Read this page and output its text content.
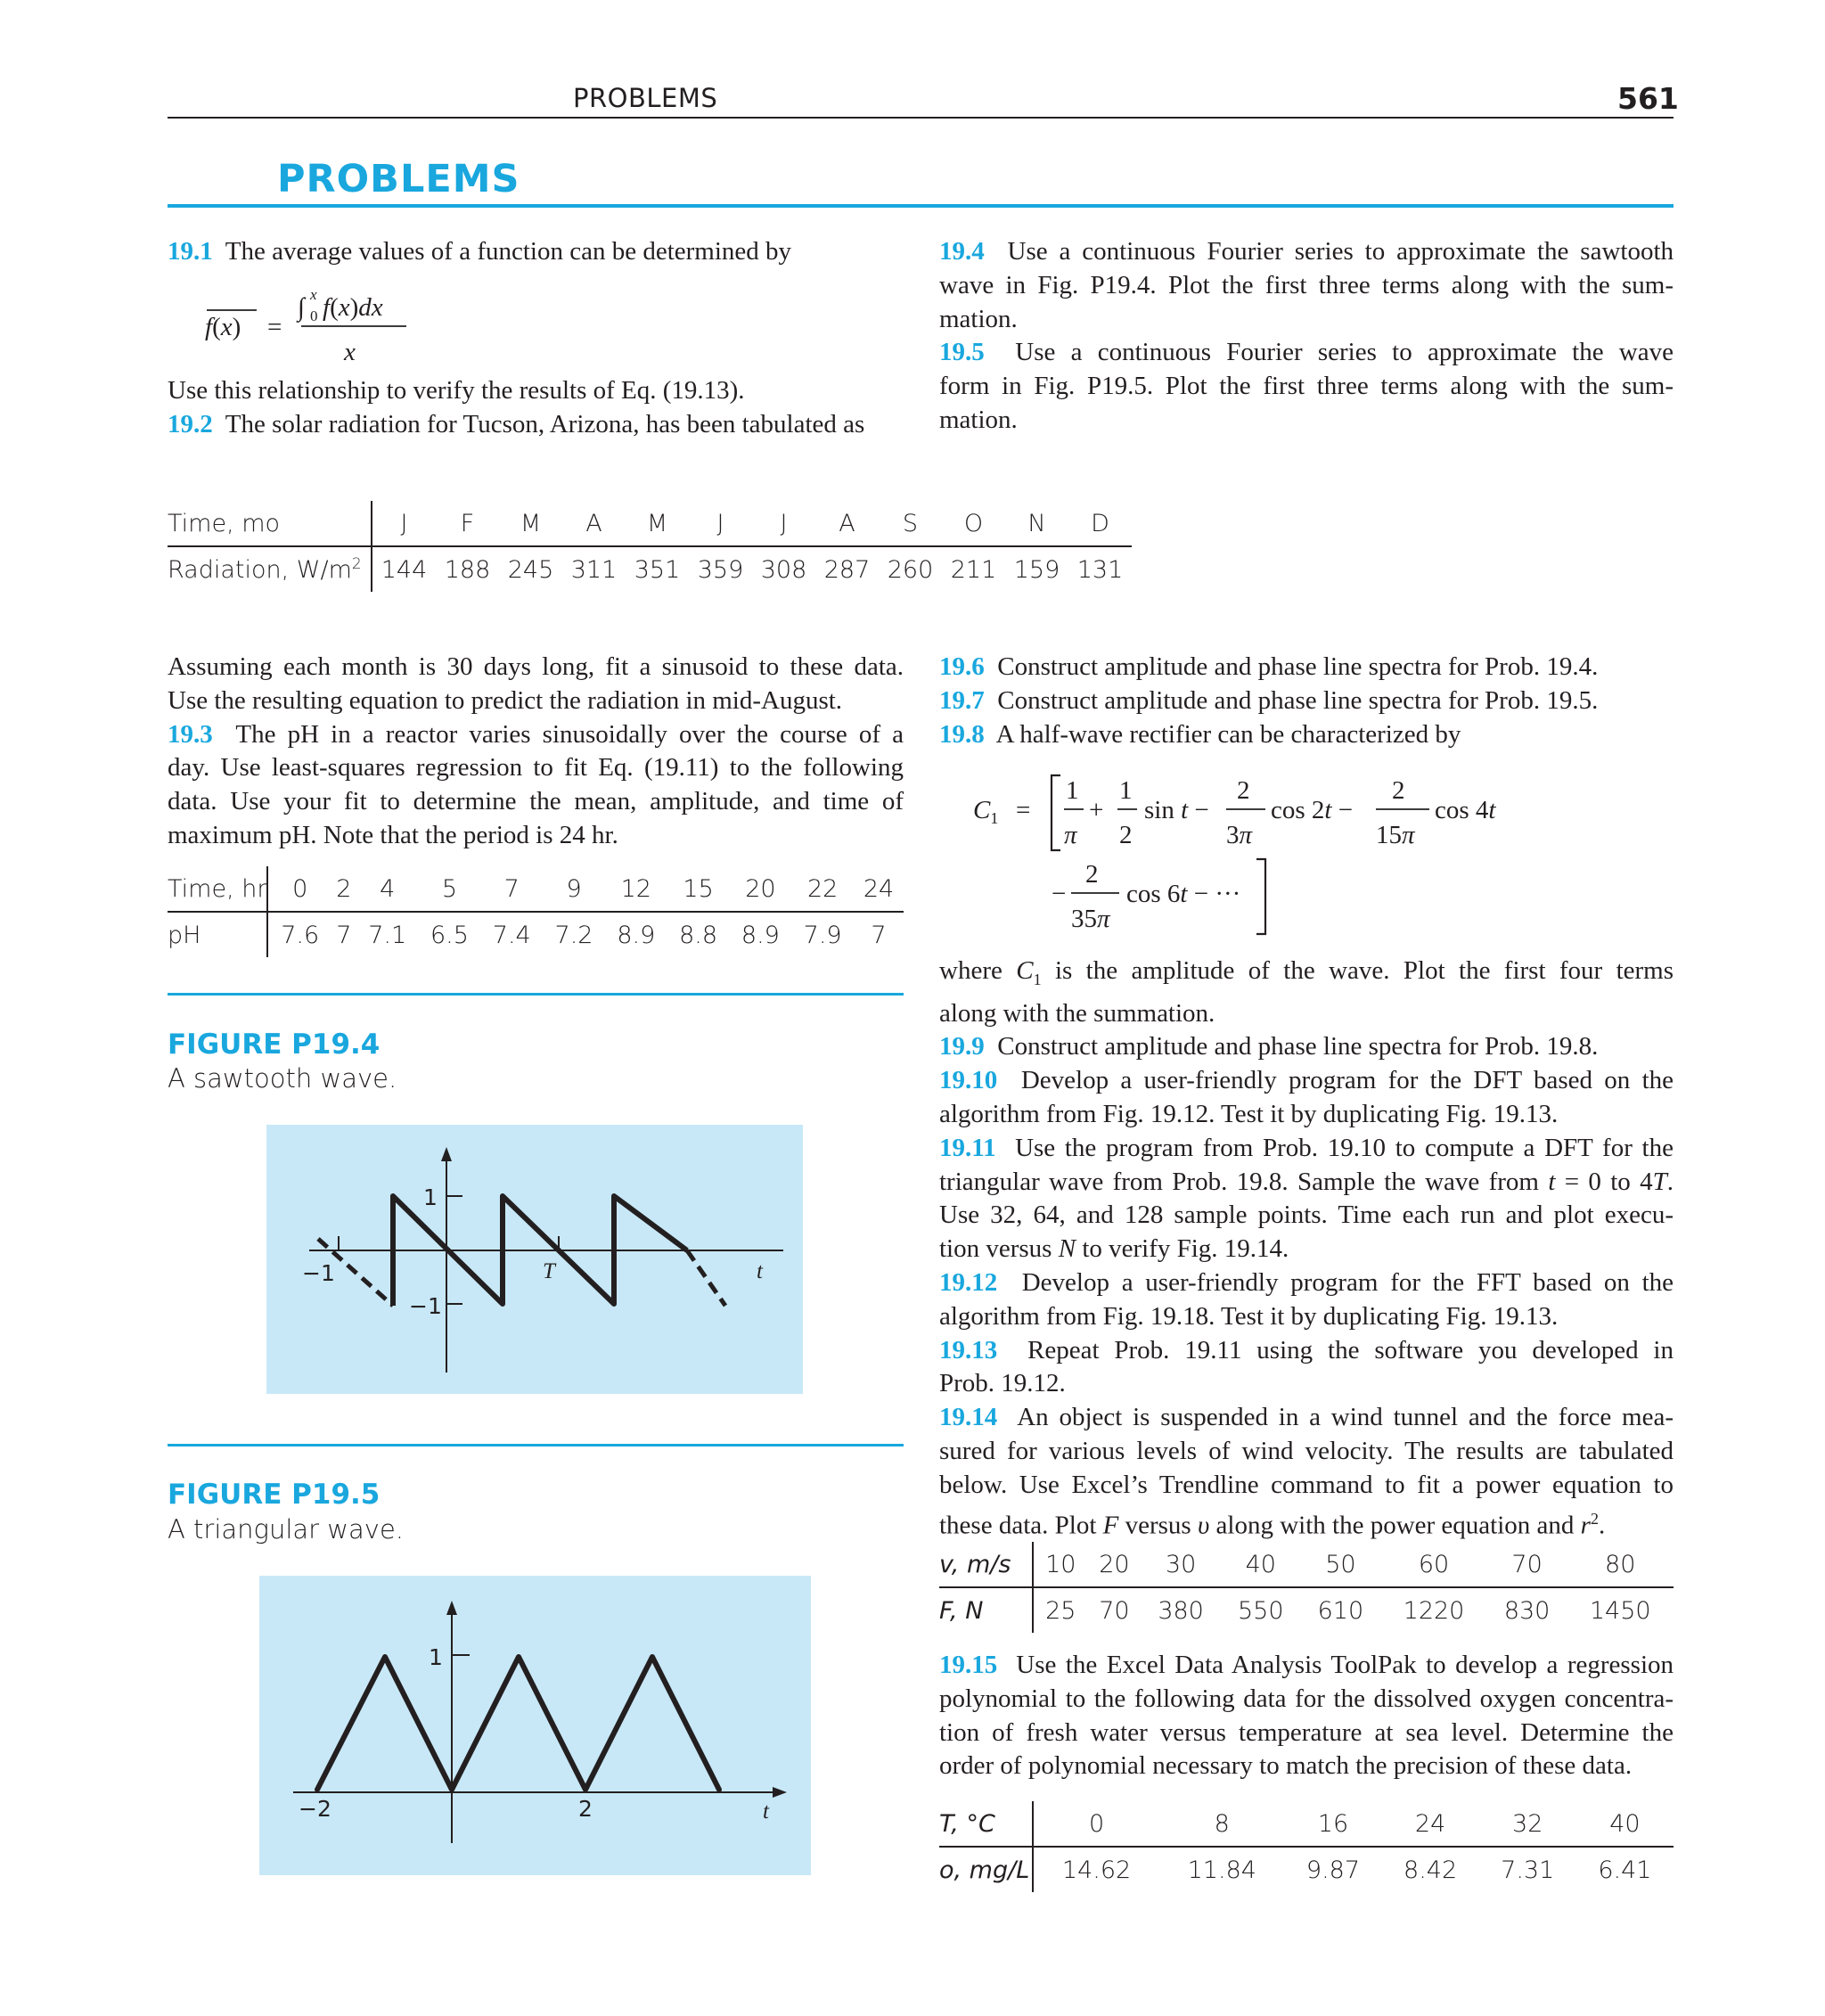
PROBLEMS	561
PROBLEMS

19.1 The average values of a function can be determined by

f(x) =
∫ x
0 f(x)dx
x

Use this relationship to verify the results of Eq. (19.13).

19.2 The solar radiation for Tucson, Arizona, has been tabulated as

19.4 Use a continuous Fourier series to approximate the sawtooth

wave in Fig. P19.4. Plot the first three terms along with the sum-

mation.

19.5 Use a continuous Fourier series to approximate the wave

form in Fig. P19.5. Plot the first three terms along with the sum-

mation.

Time, mo	J	F	M	A	M	J	J	A	S	O	N	D
Radiation, $W/m^2$	144	188	245	311	351	359	308	287	260	211	159	131

Assuming each month is 30 days long, fit a sinusoid to these data.

Use the resulting equation to predict the radiation in mid-August.

19.3 The pH in a reactor varies sinusoidally over the course of a

day. Use least-squares regression to fit Eq. (19.11) to the following

data. Use your fit to determine the mean, amplitude, and time of

maximum pH. Note that the period is 24 hr.

Time, hr	0	2	4	5	7	9	12	15	20	22	24
pH	7.6	7	7.1	6.5	7.4	7.2	8.9	8.8	8.9	7.9	7
FIGURE P19.4
A sawtooth wave.
1
−1
−1	T	t
FIGURE P19.5
A triangular wave.
1
−2	2	t

19.6 Construct amplitude and phase line spectra for Prob. 19.4.

19.7 Construct amplitude and phase line spectra for Prob. 19.5.

19.8 A half-wave rectifier can be characterized by

$C_1$ =
1
π
+
1
2
sin t −
2
3π
cos 2t −
2
15π
cos 4t
−
2
35π
cos 6t − ···

where $C_1$ is the amplitude of the wave. Plot the first four terms

along with the summation.

19.9 Construct amplitude and phase line spectra for Prob. 19.8.

19.10 Develop a user-friendly program for the DFT based on the

algorithm from Fig. 19.12. Test it by duplicating Fig. 19.13.

19.11 Use the program from Prob. 19.10 to compute a DFT for the

triangular wave from Prob. 19.8. Sample the wave from t = 0 to 4T.

Use 32, 64, and 128 sample points. Time each run and plot execu-

tion versus N to verify Fig. 19.14.

19.12 Develop a user-friendly program for the FFT based on the

algorithm from Fig. 19.18. Test it by duplicating Fig. 19.13.

19.13 Repeat Prob. 19.11 using the software you developed in

Prob. 19.12.

19.14 An object is suspended in a wind tunnel and the force mea-

sured for various levels of wind velocity. The results are tabulated

below. Use Excel’s Trendline command to fit a power equation to

these data. Plot F versus υ along with the power equation and $r^2$.

v, m/s	10	20	30	40	50	60	70	80
F, N	25	70	380	550	610	1220	830	1450

19.15 Use the Excel Data Analysis ToolPak to develop a regression

polynomial to the following data for the dissolved oxygen concentra-

tion of fresh water versus temperature at sea level. Determine the

order of polynomial necessary to match the precision of these data.

T, °C	0	8	16	24	32	40
o, mg/L	14.62	11.84	9.87	8.42	7.31	6.41
